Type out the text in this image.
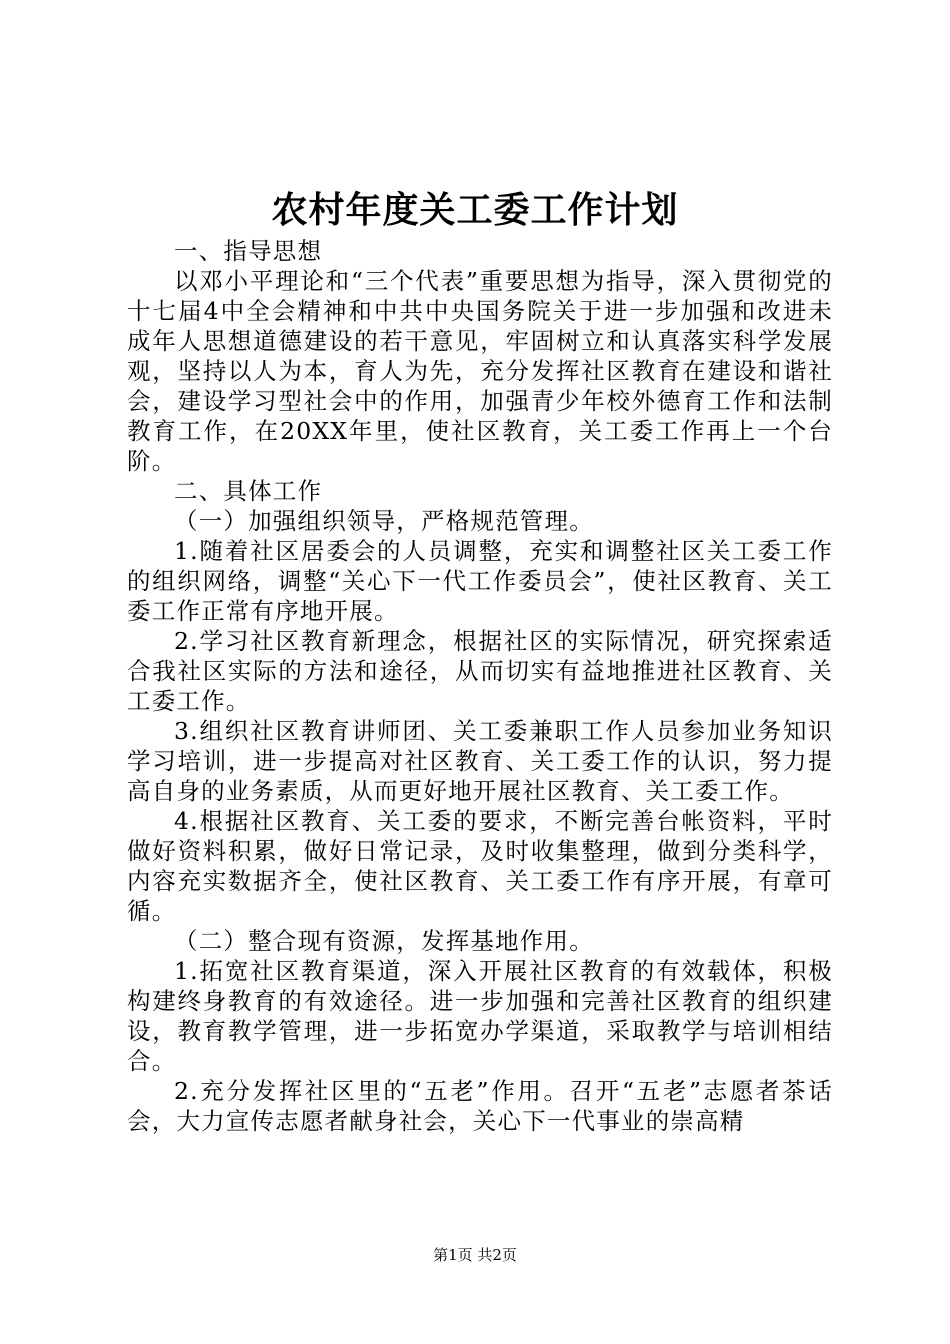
农村年度关工委工作计划

一、指导思想

以邓小平理论和“三个代表”重要思想为指导，深入贯彻党的十七届4中全会精神和中共中央国务院关于进一步加强和改进未成年人思想道德建设的若干意见，牢固树立和认真落实科学发展观，坚持以人为本，育人为先，充分发挥社区教育在建设和谐社会，建设学习型社会中的作用，加强青少年校外德育工作和法制教育工作，在20XX年里，使社区教育，关工委工作再上一个台阶。

二、具体工作

（一）加强组织领导，严格规范管理。

1.随着社区居委会的人员调整，充实和调整社区关工委工作的组织网络，调整“关心下一代工作委员会”，使社区教育、关工委工作正常有序地开展。

2.学习社区教育新理念，根据社区的实际情况，研究探索适合我社区实际的方法和途径，从而切实有益地推进社区教育、关工委工作。

3.组织社区教育讲师团、关工委兼职工作人员参加业务知识学习培训，进一步提高对社区教育、关工委工作的认识，努力提高自身的业务素质，从而更好地开展社区教育、关工委工作。

4.根据社区教育、关工委的要求，不断完善台帐资料，平时做好资料积累，做好日常记录，及时收集整理，做到分类科学，内容充实数据齐全，使社区教育、关工委工作有序开展，有章可循。

（二）整合现有资源，发挥基地作用。

1.拓宽社区教育渠道，深入开展社区教育的有效载体，积极构建终身教育的有效途径。进一步加强和完善社区教育的组织建设，教育教学管理，进一步拓宽办学渠道，采取教学与培训相结合。

2.充分发挥社区里的“五老”作用。召开“五老”志愿者茶话会，大力宣传志愿者献身社会，关心下一代事业的崇高精

第1页 共2页
